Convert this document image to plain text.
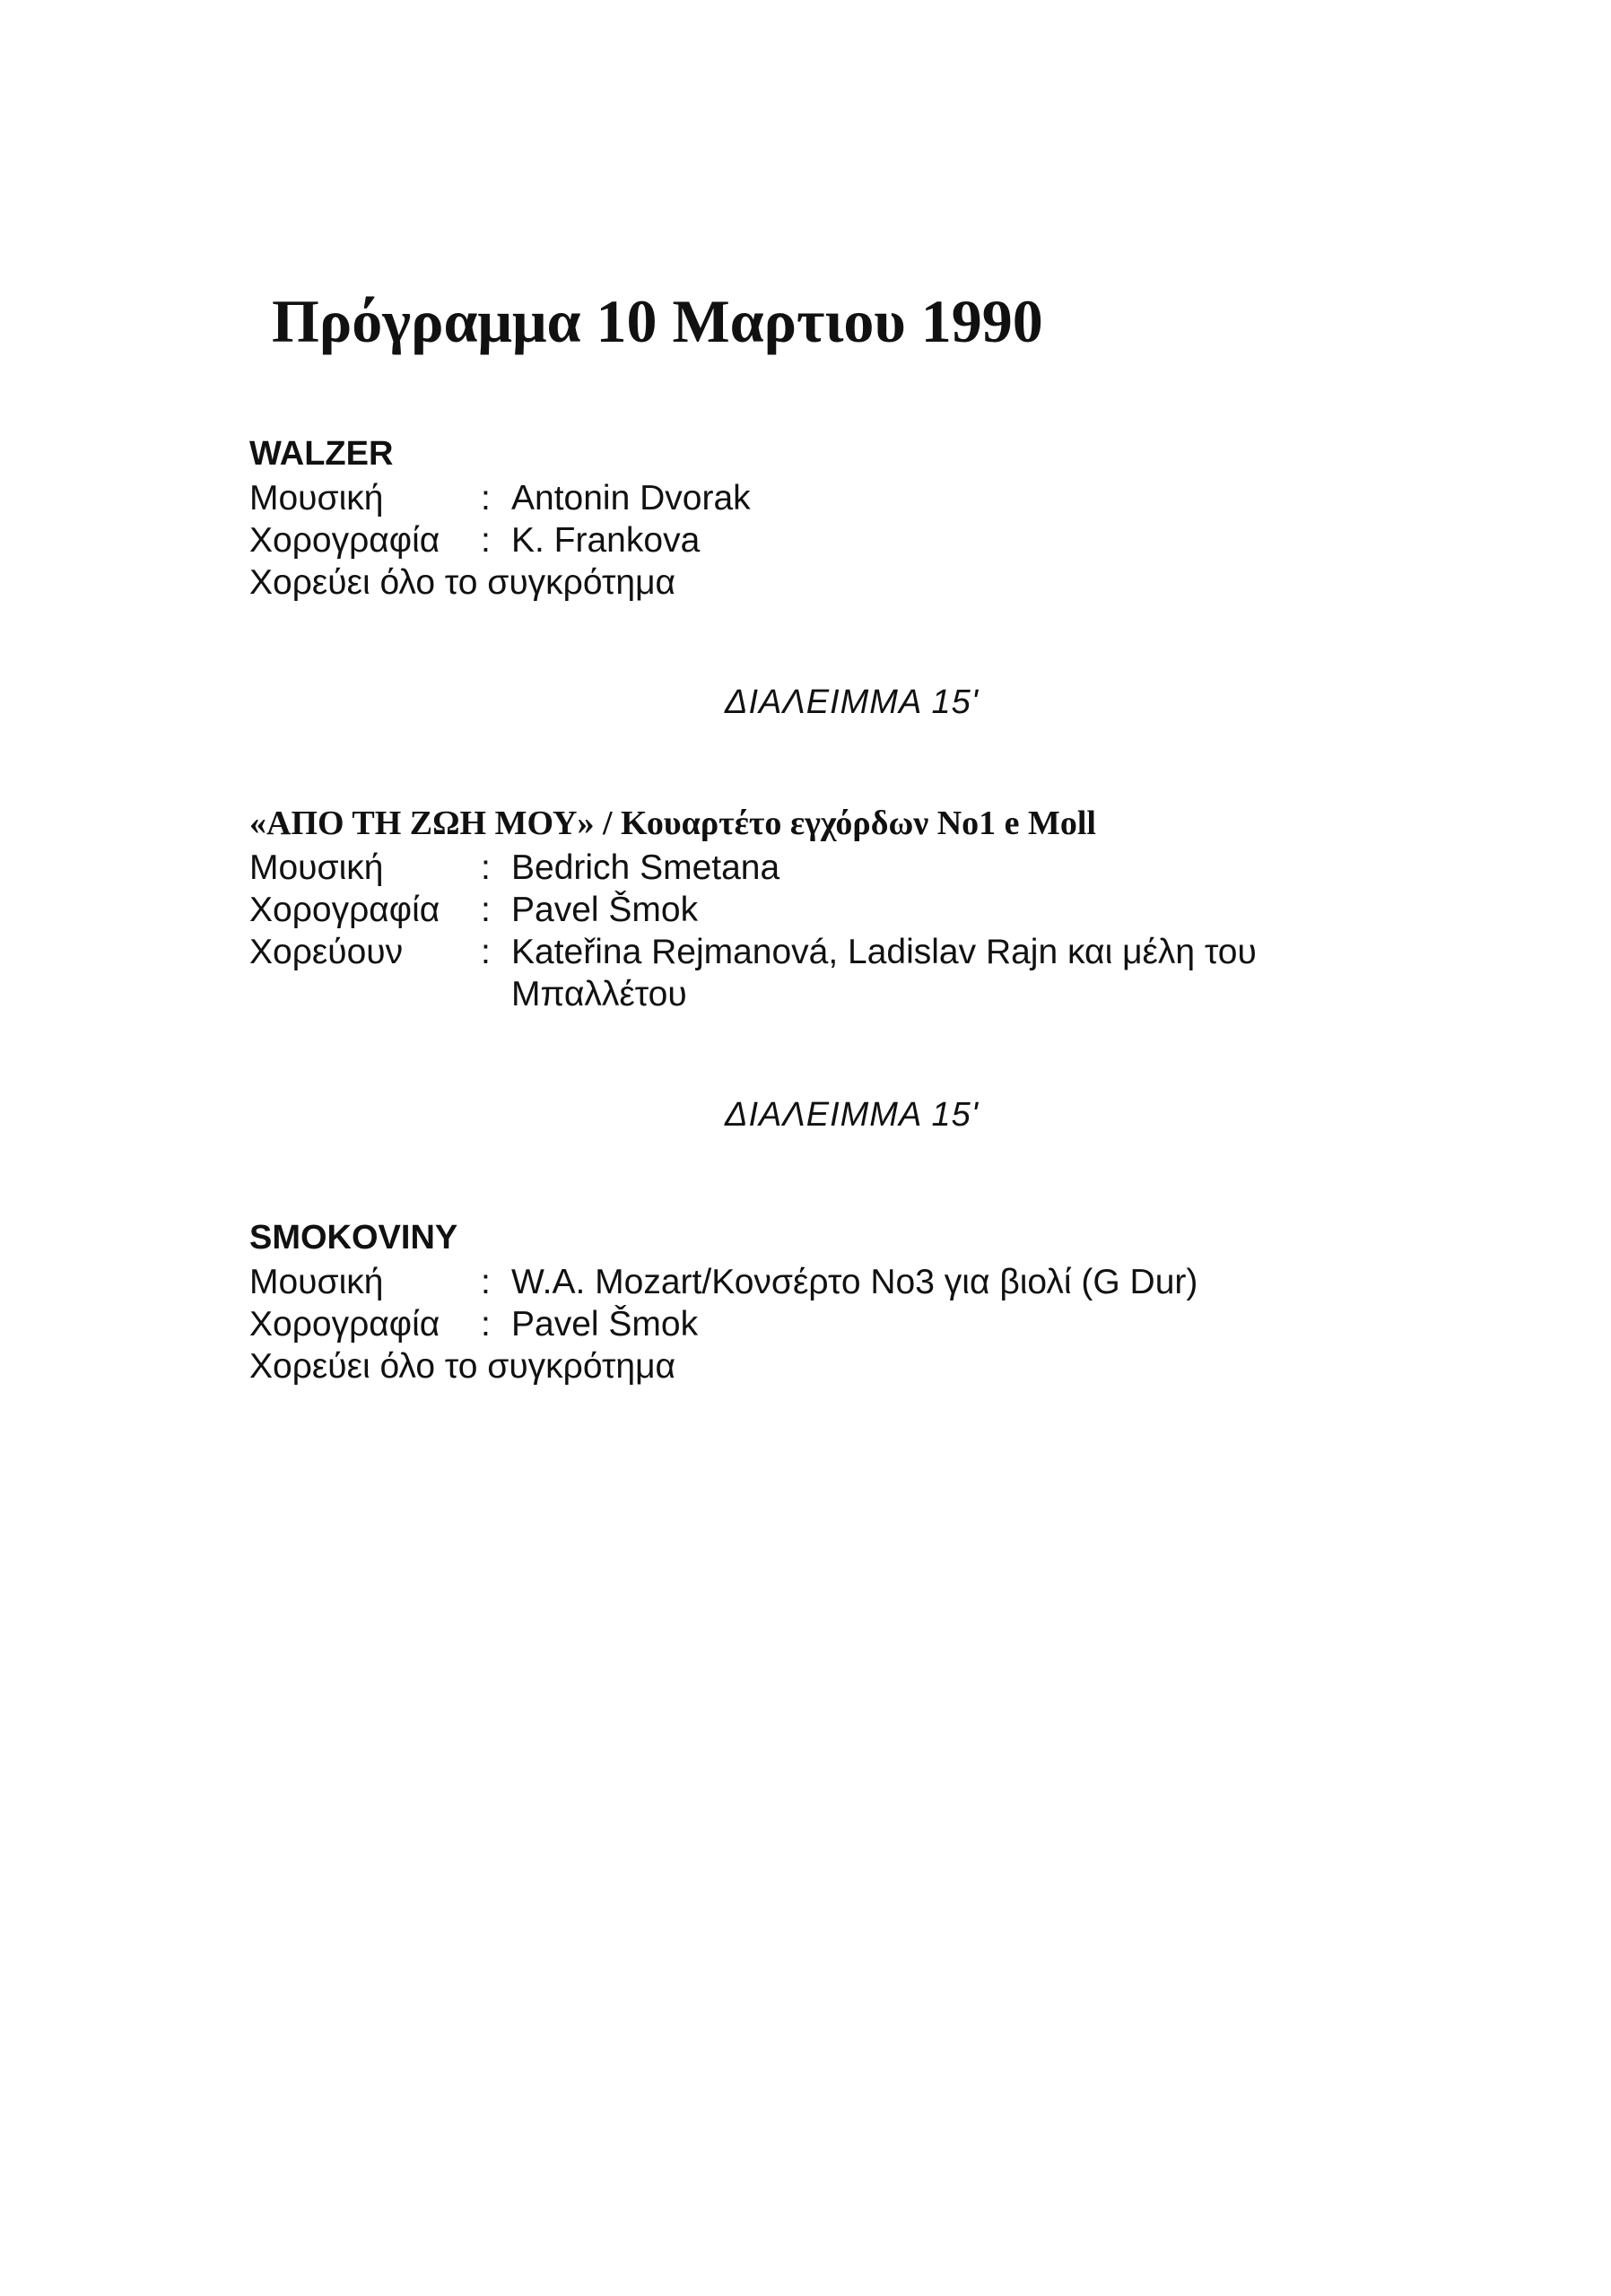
Πρόγραμμα 10 Μαρτιου 1990
WALZER
Μουσική	: Antonin Dvorak
Χορογραφία	: K. Frankova
Χορεύει όλο το συγκρότημα
ΔΙΑΛΕΙΜΜΑ 15'
«ΑΠΟ ΤΗ ΖΩΗ ΜΟΥ» / Κουαρτέτο εγχόρδων No1 e Moll
Μουσική	: Bedrich Smetana
Χορογραφία	: Pavel Šmok
Χορεύουν	: Kateřina Rejmanová, Ladislav Rajn και μέλη του Μπαλλέτου
ΔΙΑΛΕΙΜΜΑ 15'
SMOKOVINY
Μουσική	: W.A. Mozart/Κονσέρτο No3 για βιολί (G Dur)
Χορογραφία	: Pavel Šmok
Χορεύει όλο το συγκρότημα
